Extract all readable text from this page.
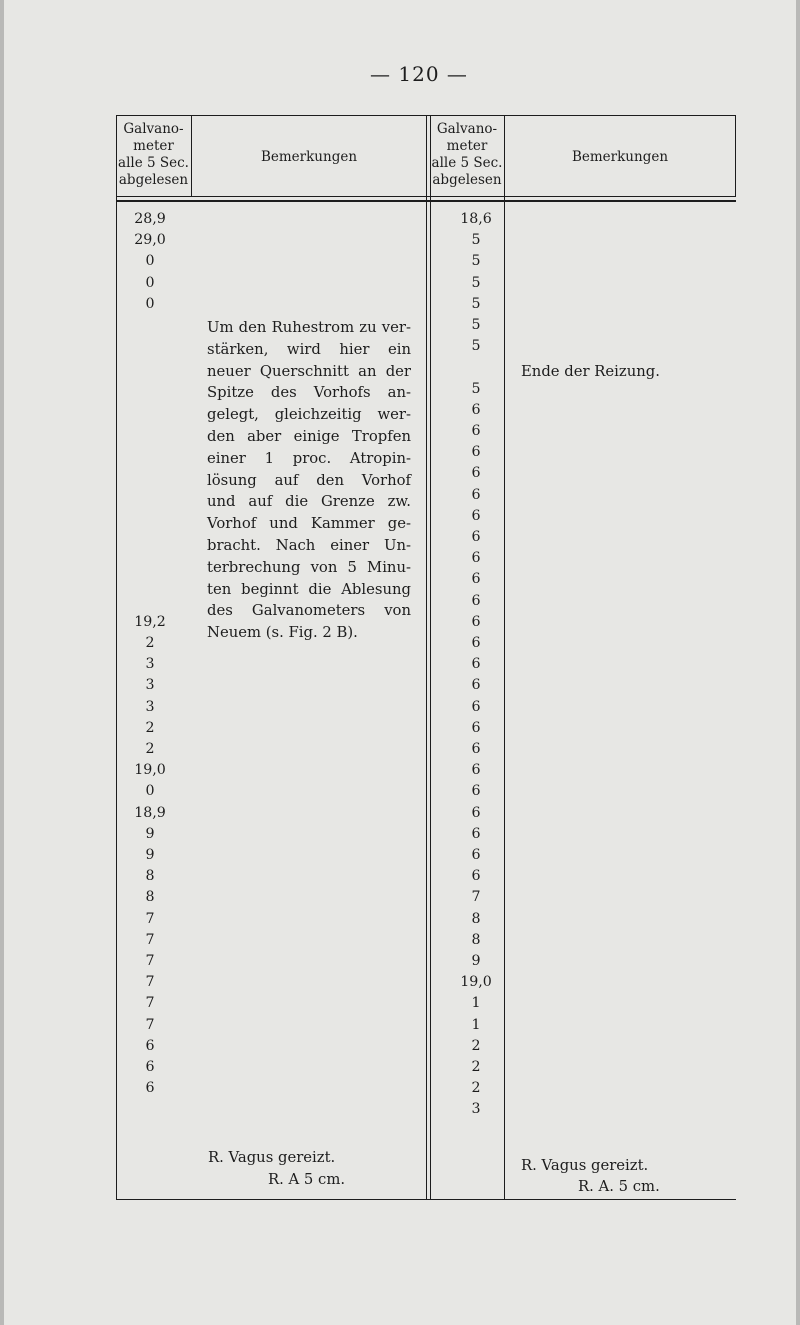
— 120 —
Galvano-
meter
alle 5 Sec.
abgelesen
Bemerkungen
Galvano-
meter
alle 5 Sec.
abgelesen
Bemerkungen
28,9
29,0
0
0
0
19,2
2
3
3
3
2
2
19,0
0
18,9
9
9
8
8
7
7
7
7
7
7
6
6
6
Um den Ruhestrom zu ver-
stärken, wird hier ein
neuer Querschnitt an der
Spitze des Vorhofs an-
gelegt, gleichzeitig wer-
den aber einige Tropfen
einer 1 proc. Atropin-
lösung auf den Vorhof
und auf die Grenze zw.
Vorhof und Kammer ge-
bracht. Nach einer Un-
terbrechung von 5 Minu-
ten beginnt die Ablesung
des Galvanometers von
Neuem (s. Fig. 2 B).
R. Vagus gereizt.
R. A 5 cm.
18,6
5
5
5
5
5
5
5
6
6
6
6
6
6
6
6
6
6
6
6
6
6
6
6
6
6
6
6
6
6
6
7
8
8
9
19,0
1
1
2
2
2
3
Ende der Reizung.
R. Vagus gereizt.
R. A. 5 cm.
